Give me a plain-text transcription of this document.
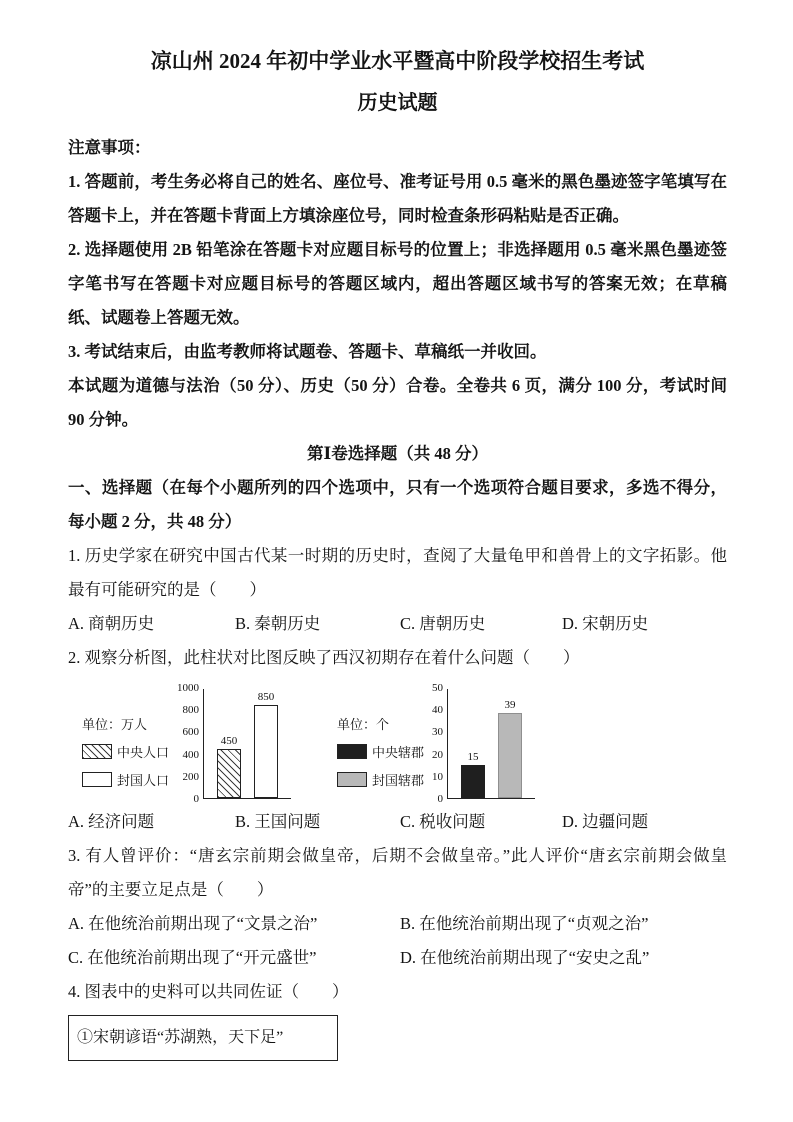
凉山州 2024 年初中学业水平暨高中阶段学校招生考试
历史试题

注意事项：

1. 答题前，考生务必将自己的姓名、座位号、准考证号用 0.5 毫米的黑色墨迹签字笔填写在答题卡上，并在答题卡背面上方填涂座位号，同时检查条形码粘贴是否正确。

2. 选择题使用 2B 铅笔涂在答题卡对应题目标号的位置上；非选择题用 0.5 毫米黑色墨迹签字笔书写在答题卡对应题目标号的答题区域内，超出答题区域书写的答案无效；在草稿纸、试题卷上答题无效。

3. 考试结束后，由监考教师将试题卷、答题卡、草稿纸一并收回。

本试题为道德与法治（50 分）、历史（50 分）合卷。全卷共 6 页，满分 100 分，考试时间 90 分钟。

第Ⅰ卷选择题（共 48 分）

一、选择题（在每个小题所列的四个选项中，只有一个选项符合题目要求，多选不得分，每小题 2 分，共 48 分）

1. 历史学家在研究中国古代某一时期的历史时，查阅了大量龟甲和兽骨上的文字拓影。他最有可能研究的是（　　）

A. 商朝历史	B. 秦朝历史	C. 唐朝历史	D. 宋朝历史

2. 观察分析图，此柱状对比图反映了西汉初期存在着什么问题（　　）

单位：万人
中央人口
封国人口
1000
800
600
400
200
0
450
850
单位：个
中央辖郡
封国辖郡
50
40
30
20
10
0
15
39
A. 经济问题	B. 王国问题	C. 税收问题	D. 边疆问题

3. 有人曾评价：“唐玄宗前期会做皇帝，后期不会做皇帝。”此人评价“唐玄宗前期会做皇帝”的主要立足点是（　　）

A. 在他统治前期出现了“文景之治”	B. 在他统治前期出现了“贞观之治”
C. 在他统治前期出现了“开元盛世”	D. 在他统治前期出现了“安史之乱”

4. 图表中的史料可以共同佐证（　　）

①宋朝谚语“苏湖熟，天下足”
